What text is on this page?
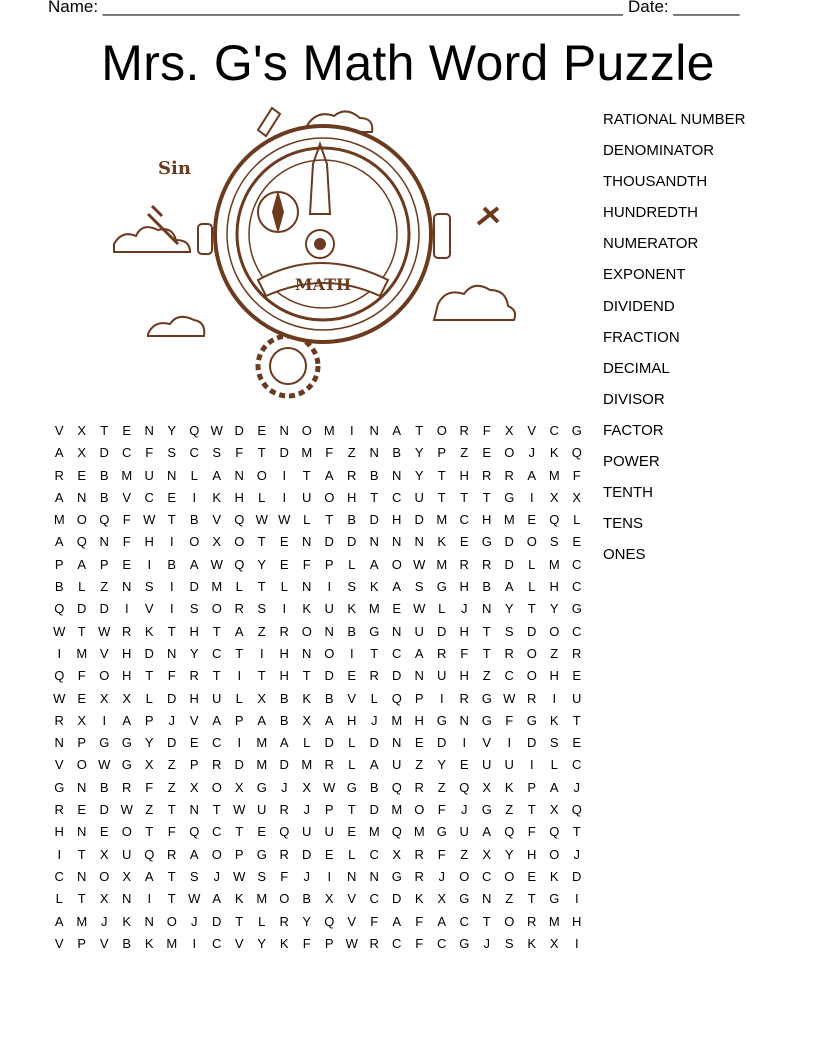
Name: _______________________________________________________ Date: _______
Mrs. G's Math Word Puzzle
MATH
Sin
RATIONAL NUMBER
DENOMINATOR
THOUSANDTH
HUNDREDTH
NUMERATOR
EXPONENT
DIVIDEND
FRACTION
DECIMAL
DIVISOR
FACTOR
POWER
TENTH
TENS
ONES
V	X	T	E	N	Y	Q W D	E	N O M	I	N	A	T	O R	F	X	V	C G
A	X	D	C	F	S	C	S	F	T	D M	F	Z	N	B	Y	P	Z	E	O	J	K	Q
R	E	B M U	N	L	A	N O	I	T	A	R	B	N	Y	T	H	R	R	A M	F
A	N	B	V	C	E	I	K	H	L	I	U O H	T	C	U	T	T	T	G	I	X	X
M O Q	F W T	B	V	Q W W L	T	B	D	H	D M C	H M E	Q	L
A	Q N	F	H	I	O	X	O	T	E	N	D	D	N	N	N	K	E	G D O	S	E
P	A	P	E	I	B	A W Q	Y	E	F	P	L	A	O W M R	R	D	L	M C
B	L	Z	N	S	I	D M	L	T	L	N	I	S	K	A	S	G H	B	A	L	H	C
Q D	D	I	V	I	S	O R	S	I	K	U	K M E W L	J	N	Y	T	Y	G
W T W R	K	T	H	T	A	Z	R O N	B	G N	U	D	H	T	S	D O C
I	M V	H	D	N	Y	C	T	I	H	N O	I	T	C	A	R	F	T	R O	Z	R
Q	F	O H	T	F	R	T	I	T	H	T	D	E	R	D	N	U	H	Z	C O H	E
W E	X	X	L	D	H	U	L	X	B	K	B	V	L	Q	P	I	R G W R	I	U
R	X	I	A	P	J	V	A	P	A	B	X	A	H	J	M H G N G	F	G	K	T
N	P	G G	Y	D	E	C	I	M A	L	D	L	D	N	E	D	I	V	I	D	S	E
V	O W G	X	Z	P	R	D M D M R	L	A	U	Z	Y	E	U	U	I	L	C
G N	B	R	F	Z	X	O	X	G	J	X W G	B	Q R	Z	Q	X	K	P	A	J
R	E	D W Z	T	N	T W U	R	J	P	T	D M O	F	J	G	Z	T	X	Q
H	N	E	O	T	F	Q C	T	E	Q U	U	E M Q M G U	A	Q	F	Q	T
I	T	X	U Q R	A	O	P	G R	D	E	L	C	X	R	F	Z	X	Y	H O	J
C	N O	X	A	T	S	J	W S	F	J	I	N	N G R	J	O C O	E	K	D
L	T	X	N	I	T W A	K M O	B	X	V	C	D	K	X	G N	Z	T	G	I
A M	J	K	N O	J	D	T	L	R	Y	Q	V	F	A	F	A	C	T	O R M H
V	P	V	B	K M	I	C	V	Y	K	F	P W R	C	F	C G	J	S	K	X	I
